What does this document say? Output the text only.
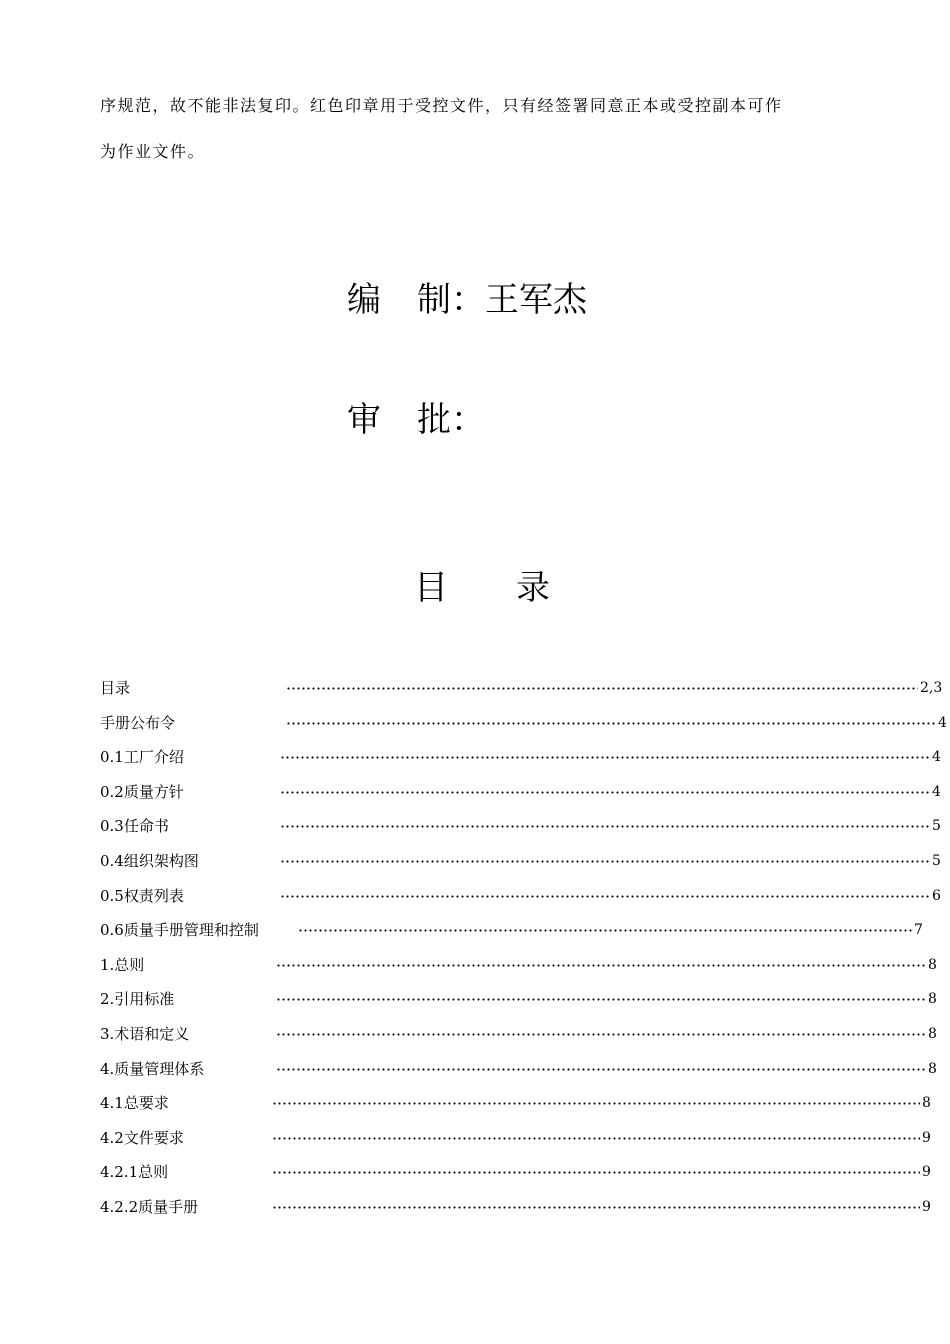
序规范，故不能非法复印。红色印章用于受控文件，只有经签署同意正本或受控副本可作
为作业文件。
编 制：王军杰
审 批：
目 录
目录	2,3
手册公布令	4
0.1工厂介绍	4
0.2质量方针	4
0.3任命书	5
0.4组织架构图	5
0.5权责列表	6
0.6质量手册管理和控制	7
1.总则	8
2.引用标准	8
3.术语和定义	8
4.质量管理体系	8
4.1总要求	8
4.2文件要求	9
4.2.1总则	9
4.2.2质量手册	9
